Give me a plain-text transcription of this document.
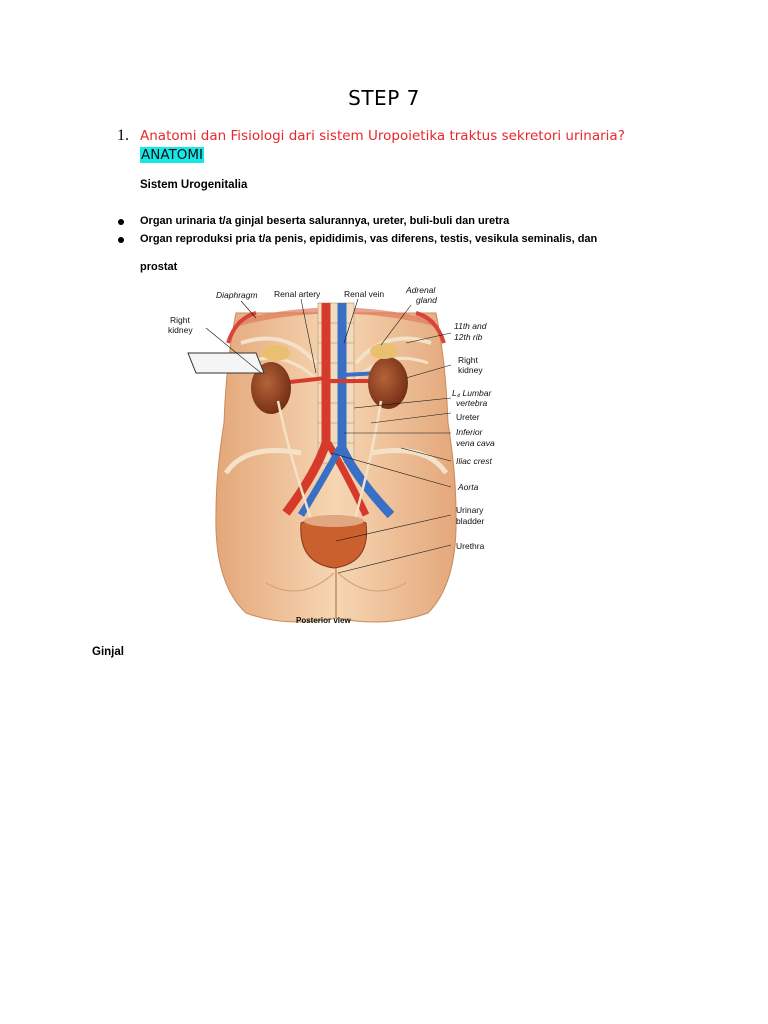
STEP 7
1. Anatomi dan Fisiologi dari sistem Uropoietika traktus sekretori urinaria?
ANATOMI
Sistem Urogenitalia
Organ urinaria t/a ginjal beserta salurannya, ureter, buli-buli dan uretra
Organ reproduksi pria t/a penis, epididimis, vas diferens, testis, vesikula seminalis, dan
prostat
Diaphragm Renal artery	Renal vein	Adrenal
gland
Right
kidney	11th and
12th rib
Right
kidney
L₄ Lumbar
vertebra
Ureter
Inferior
vena cava
Iliac crest
Aorta
Urinary
bladder
Urethra
Posterior view
Ginjal
